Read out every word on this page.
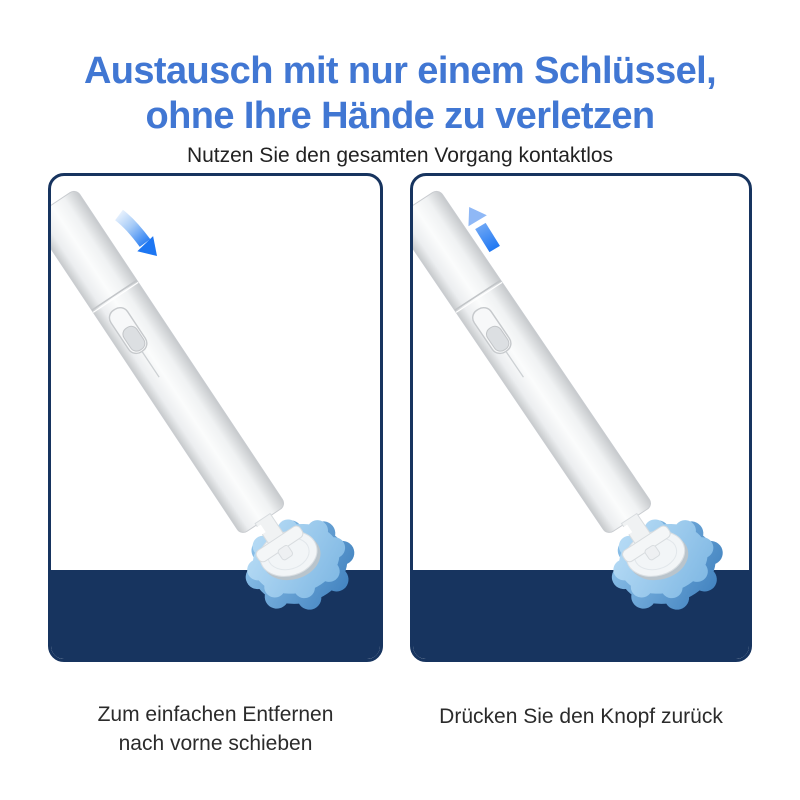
Austausch mit nur einem Schlüssel,
ohne Ihre Hände zu verletzen

Nutzen Sie den gesamten Vorgang kontaktlos

Zum einfachen Entfernen
nach vorne schieben
Drücken Sie den Knopf zurück
